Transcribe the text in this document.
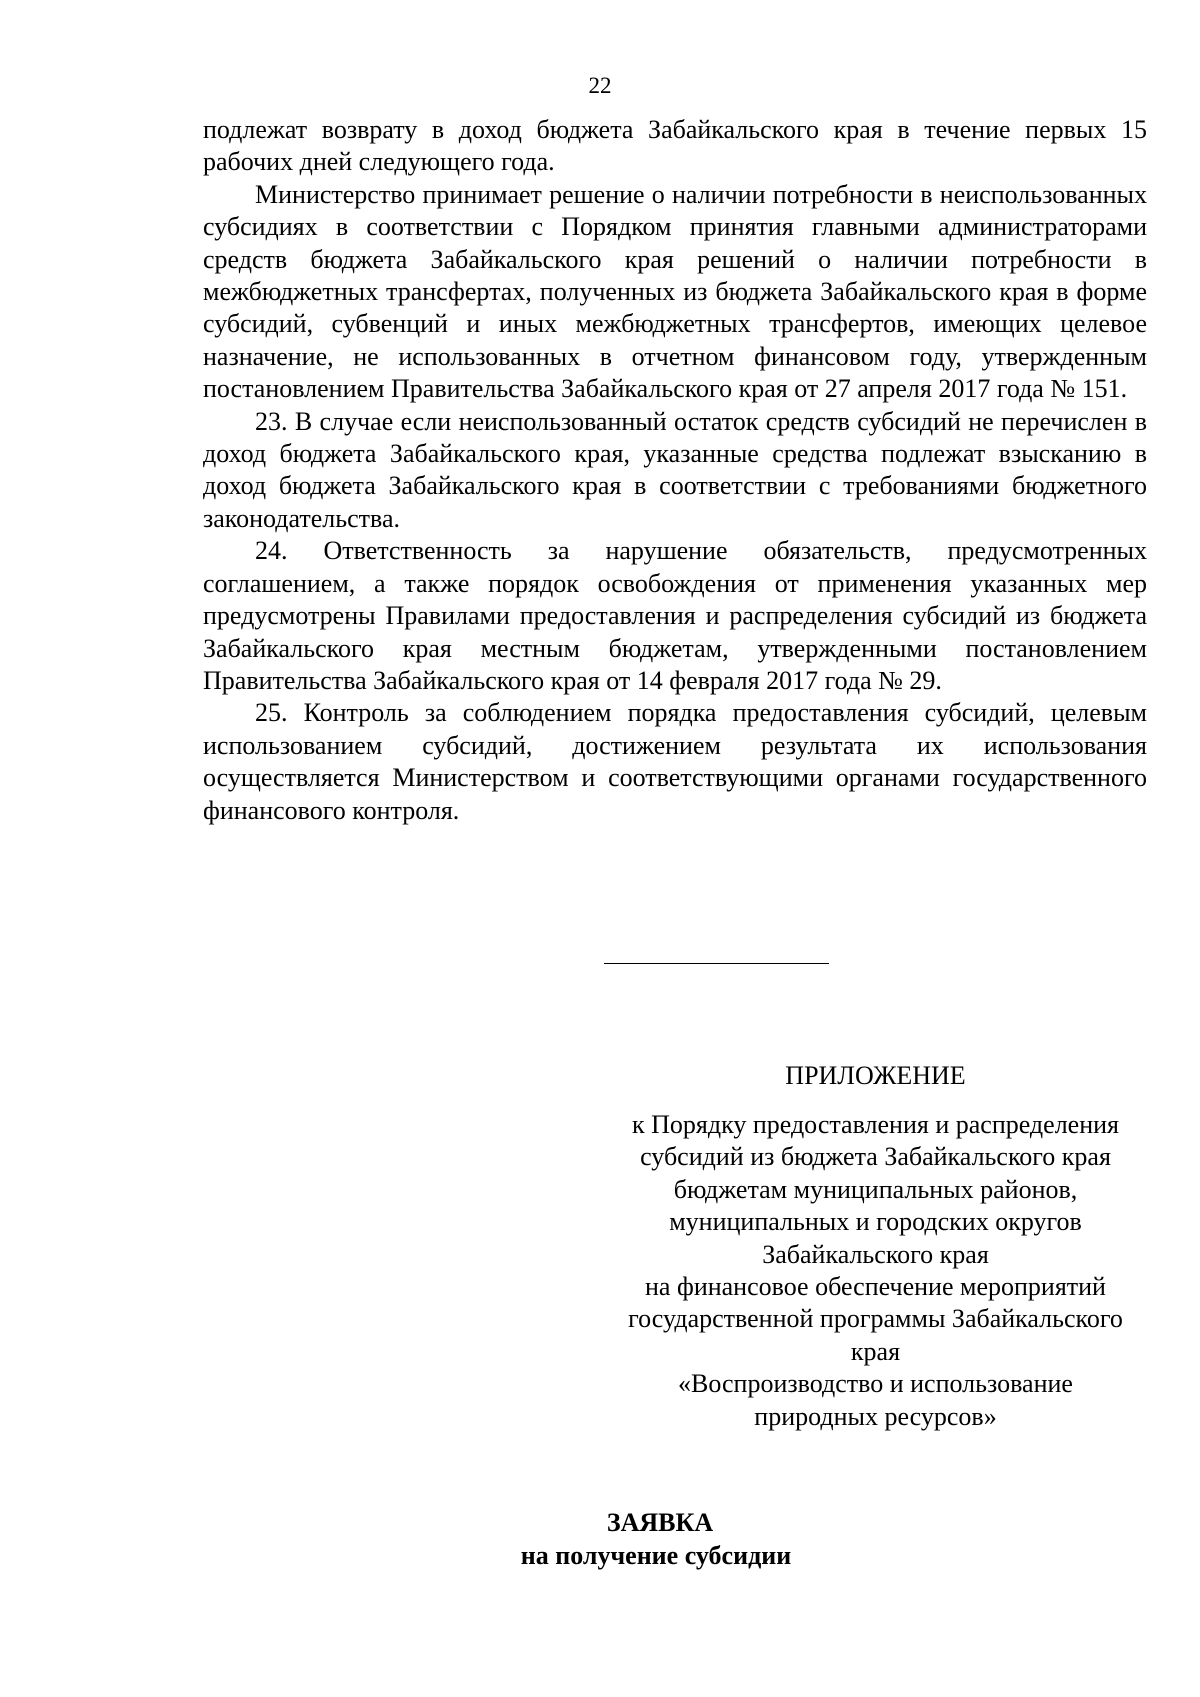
22

подлежат возврату в доход бюджета Забайкальского края в течение первых 15 рабочих дней следующего года.

Министерство принимает решение о наличии потребности в неиспользованных субсидиях в соответствии с Порядком принятия главными администраторами средств бюджета Забайкальского края решений о наличии потребности в межбюджетных трансфертах, полученных из бюджета Забайкальского края в форме субсидий, субвенций и иных межбюджетных трансфертов, имеющих целевое назначение, не использованных в отчетном финансовом году, утвержденным постановлением Правительства Забайкальского края от 27 апреля 2017 года № 151.

23. В случае если неиспользованный остаток средств субсидий не перечислен в доход бюджета Забайкальского края, указанные средства подлежат взысканию в доход бюджета Забайкальского края в соответствии с требованиями бюджетного законодательства.

24. Ответственность за нарушение обязательств, предусмотренных соглашением, а также порядок освобождения от применения указанных мер предусмотрены Правилами предоставления и распределения субсидий из бюджета Забайкальского края местным бюджетам, утвержденными постановлением Правительства Забайкальского края от 14 февраля 2017 года № 29.

25. Контроль за соблюдением порядка предоставления субсидий, целевым использованием субсидий, достижением результата их использования осуществляется Министерством и соответствующими органами государственного финансового контроля.

ПРИЛОЖЕНИЕ
к Порядку предоставления и распределения
субсидий из бюджета Забайкальского края
бюджетам муниципальных районов,
муниципальных и городских округов
Забайкальского края
на финансовое обеспечение мероприятий
государственной программы Забайкальского
края
«Воспроизводство и использование
природных ресурсов»
ЗАЯВКА
на получение субсидии
